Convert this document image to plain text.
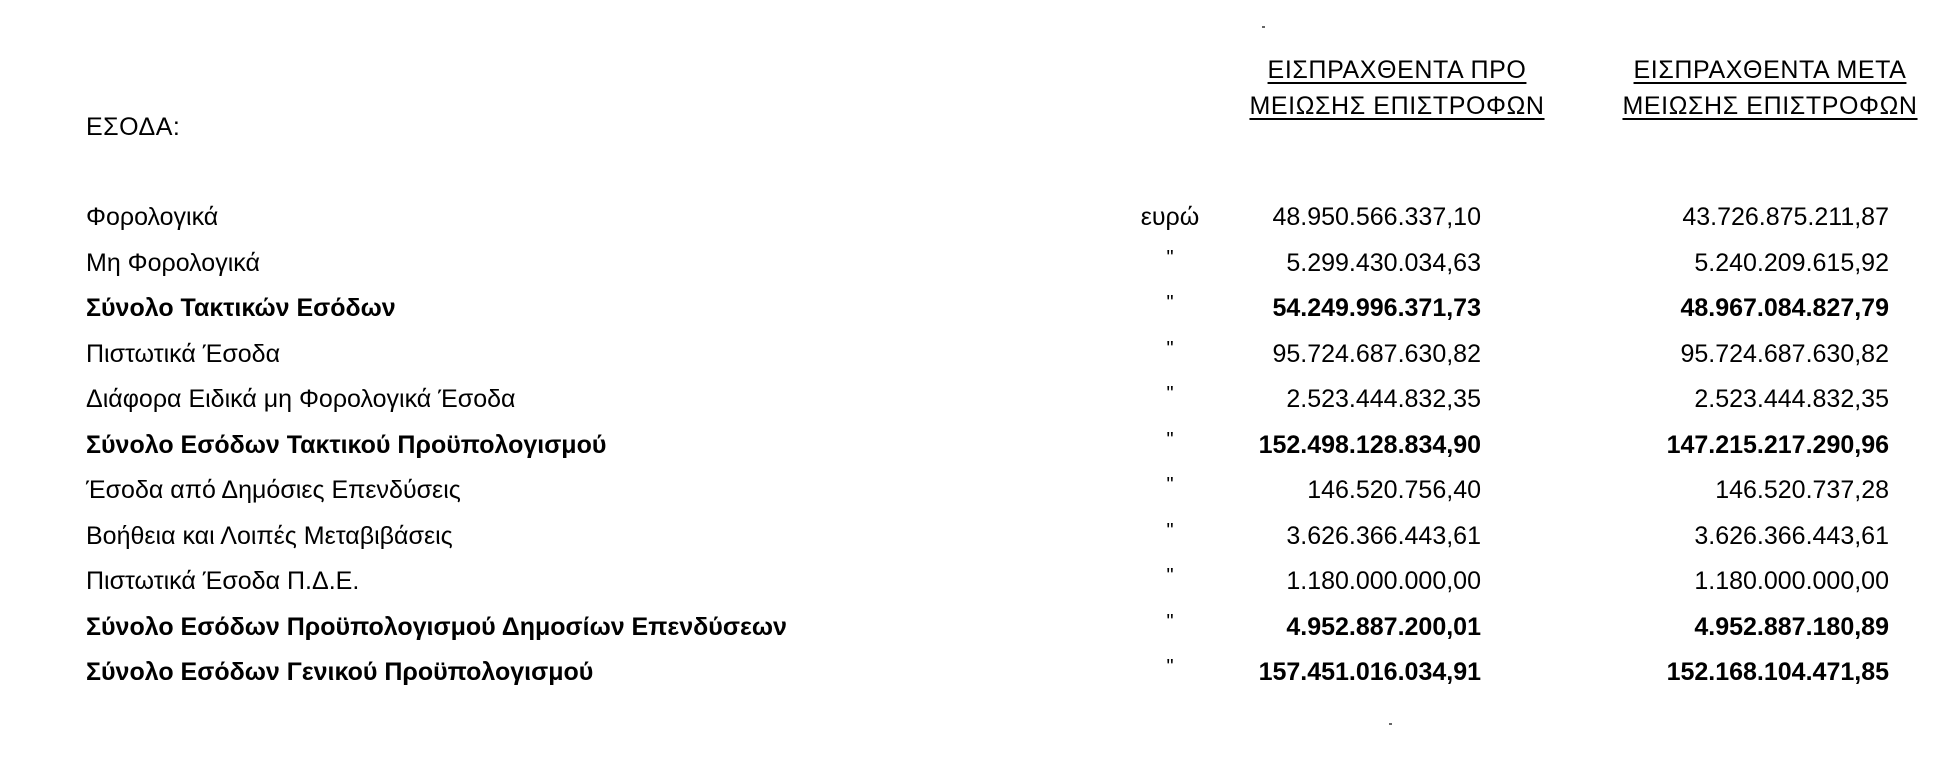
ΕΣΟΔΑ:
ΕΙΣΠΡΑΧΘΕΝΤΑ ΠΡΟ
ΜΕΙΩΣΗΣ ΕΠΙΣΤΡΟΦΩΝ
ΕΙΣΠΡΑΧΘΕΝΤΑ ΜΕΤΑ
ΜΕΙΩΣΗΣ ΕΠΙΣΤΡΟΦΩΝ
Φορολογικά	ευρώ	48.950.566.337,10	43.726.875.211,87
Μη Φορολογικά	"	5.299.430.034,63	5.240.209.615,92
Σύνολο Τακτικών Εσόδων	"	54.249.996.371,73	48.967.084.827,79
Πιστωτικά Έσοδα	"	95.724.687.630,82	95.724.687.630,82
Διάφορα Ειδικά μη Φορολογικά Έσοδα	"	2.523.444.832,35	2.523.444.832,35
Σύνολο Εσόδων Τακτικού Προϋπολογισμού	"	152.498.128.834,90	147.215.217.290,96
Έσοδα από Δημόσιες Επενδύσεις	"	146.520.756,40	146.520.737,28
Βοήθεια και Λοιπές Μεταβιβάσεις	"	3.626.366.443,61	3.626.366.443,61
Πιστωτικά Έσοδα Π.Δ.Ε.	"	1.180.000.000,00	1.180.000.000,00
Σύνολο Εσόδων Προϋπολογισμού Δημοσίων Επενδύσεων	"	4.952.887.200,01	4.952.887.180,89
Σύνολο Εσόδων Γενικού Προϋπολογισμού	"	157.451.016.034,91	152.168.104.471,85
